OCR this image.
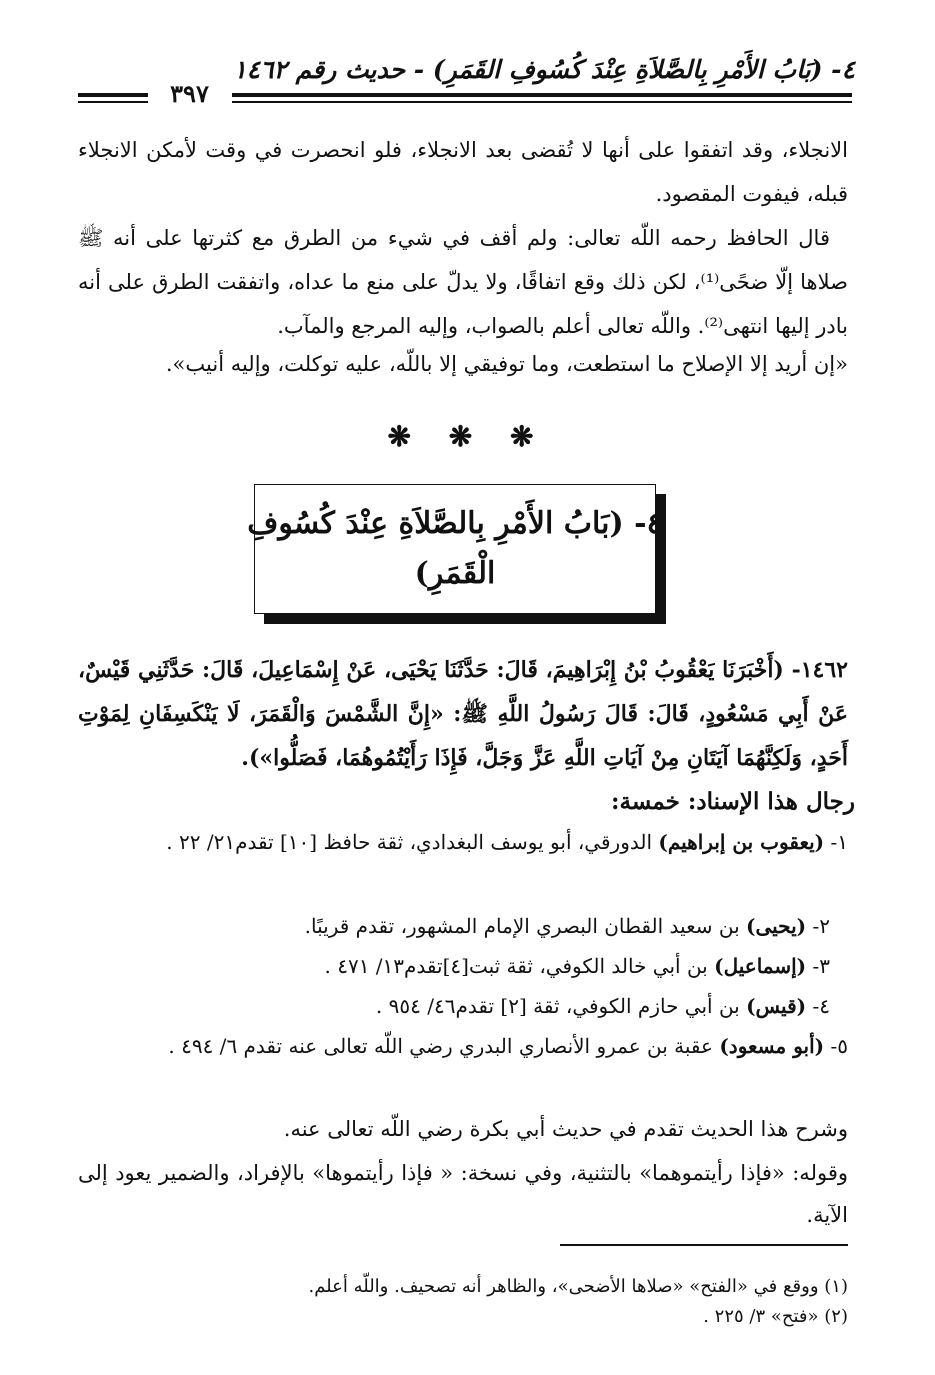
٤- (بَابُ الأَمْرِ بِالصَّلاَةِ عِنْدَ كُسُوفِ القَمَرِ) - حديث رقم ١٤٦٢
٣٩٧
الانجلاء، وقد اتفقوا على أنها لا تُقضى بعد الانجلاء، فلو انحصرت في وقت لأمكن الانجلاء قبله، فيفوت المقصود.
قال الحافظ رحمه اللّه تعالى: ولم أقف في شيء من الطرق مع كثرتها على أنه ﷺ صلاها إلّا ضحًى⁽¹⁾، لكن ذلك وقع اتفاقًا، ولا يدلّ على منع ما عداه، واتفقت الطرق على أنه بادر إليها انتهى⁽²⁾. واللّه تعالى أعلم بالصواب، وإليه المرجع والمآب.
«إن أريد إلا الإصلاح ما استطعت، وما توفيقي إلا باللّه، عليه توكلت، وإليه أنيب».
❋ ❋ ❋
٤- (بَابُ الأَمْرِ بِالصَّلاَةِ عِنْدَ كُسُوفِ
الْقَمَرِ)
١٤٦٢- (أَخْبَرَنَا يَعْقُوبُ بْنُ إِبْرَاهِيمَ، قَالَ: حَدَّثَنَا يَحْيَى، عَنْ إِسْمَاعِيلَ، قَالَ: حَدَّثَنِي قَيْسٌ، عَنْ أَبِي مَسْعُودٍ، قَالَ: قَالَ رَسُولُ اللَّهِ ﷺ: «إِنَّ الشَّمْسَ وَالْقَمَرَ، لَا يَنْكَسِفَانِ لِمَوْتِ أَحَدٍ، وَلَكِنَّهُمَا آيَتَانِ مِنْ آيَاتِ اللَّهِ عَزَّ وَجَلَّ، فَإِذَا رَأَيْتُمُوهُمَا، فَصَلُّوا»).
رجال هذا الإسناد: خمسة:
١- (يعقوب بن إبراهيم) الدورقي، أبو يوسف البغدادي، ثقة حافظ [١٠] تقدم٢١/ ٢٢ .
٢- (يحيى) بن سعيد القطان البصري الإمام المشهور، تقدم قريبًا.
٣- (إسماعيل) بن أبي خالد الكوفي، ثقة ثبت[٤]تقدم١٣/ ٤٧١ .
٤- (قيس) بن أبي حازم الكوفي، ثقة [٢] تقدم٤٦/ ٩٥٤ .
٥- (أبو مسعود) عقبة بن عمرو الأنصاري البدري رضي اللّه تعالى عنه تقدم ٦/ ٤٩٤ .
وشرح هذا الحديث تقدم في حديث أبي بكرة رضي اللّه تعالى عنه.
وقوله: «فإذا رأيتموهما» بالتثنية، وفي نسخة: « فإذا رأيتموها» بالإفراد، والضمير يعود إلى الآية.
(١) ووقع في «الفتح» «صلاها الأضحى»، والظاهر أنه تصحيف. واللّه أعلم.
(٢) «فتح» ٣/ ٢٢٥ .
